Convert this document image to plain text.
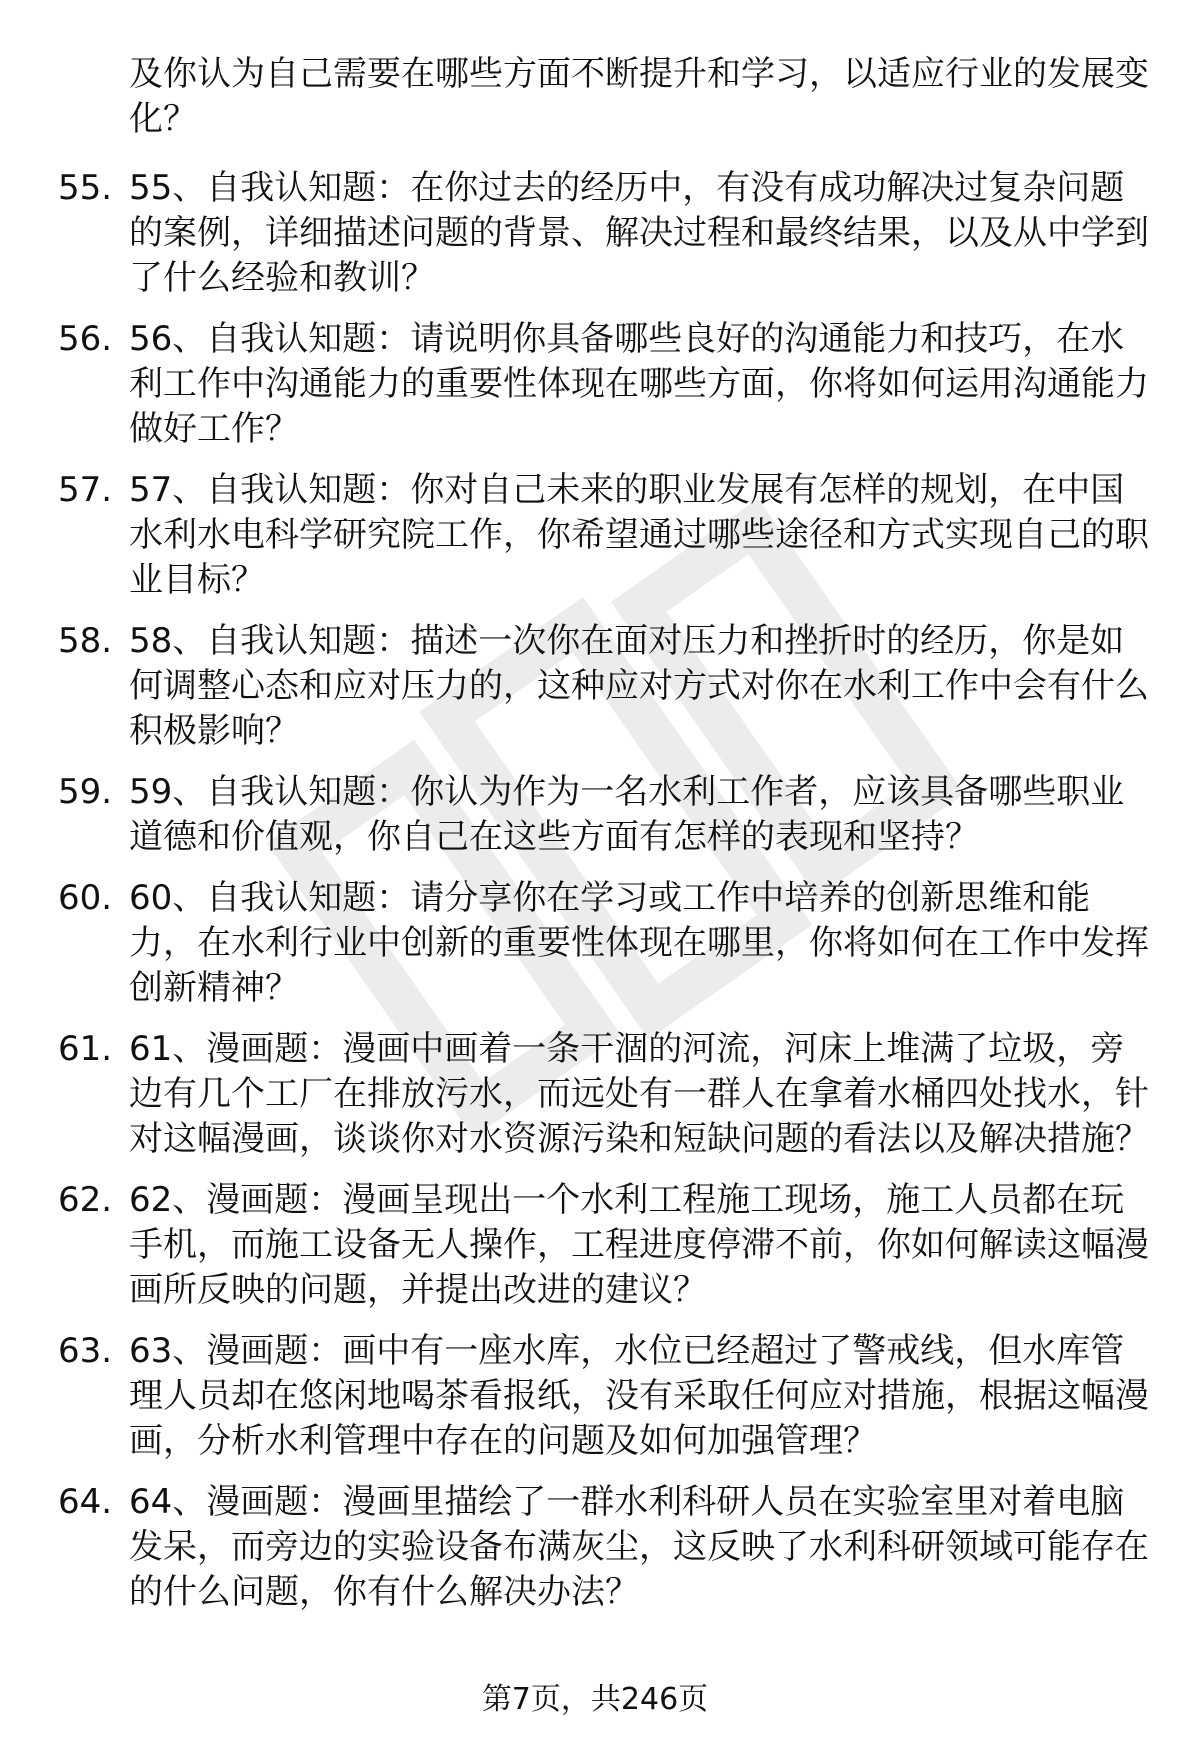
及你认为自己需要在哪些方面不断提升和学习，以适应行业的发展变化？
55. 55、自我认知题：在你过去的经历中，有没有成功解决过复杂问题的案例，详细描述问题的背景、解决过程和最终结果，以及从中学到了什么经验和教训？
56. 56、自我认知题：请说明你具备哪些良好的沟通能力和技巧，在水利工作中沟通能力的重要性体现在哪些方面，你将如何运用沟通能力做好工作？
57. 57、自我认知题：你对自己未来的职业发展有怎样的规划，在中国水利水电科学研究院工作，你希望通过哪些途径和方式实现自己的职业目标？
58. 58、自我认知题：描述一次你在面对压力和挫折时的经历，你是如何调整心态和应对压力的，这种应对方式对你在水利工作中会有什么积极影响？
59. 59、自我认知题：你认为作为一名水利工作者，应该具备哪些职业道德和价值观，你自己在这些方面有怎样的表现和坚持？
60. 60、自我认知题：请分享你在学习或工作中培养的创新思维和能力，在水利行业中创新的重要性体现在哪里，你将如何在工作中发挥创新精神？
61. 61、漫画题：漫画中画着一条干涸的河流，河床上堆满了垃圾，旁边有几个工厂在排放污水，而远处有一群人在拿着水桶四处找水，针对这幅漫画，谈谈你对水资源污染和短缺问题的看法以及解决措施？
62. 62、漫画题：漫画呈现出一个水利工程施工现场，施工人员都在玩手机，而施工设备无人操作，工程进度停滞不前，你如何解读这幅漫画所反映的问题，并提出改进的建议？
63. 63、漫画题：画中有一座水库，水位已经超过了警戒线，但水库管理人员却在悠闲地喝茶看报纸，没有采取任何应对措施，根据这幅漫画，分析水利管理中存在的问题及如何加强管理？
64. 64、漫画题：漫画里描绘了一群水利科研人员在实验室里对着电脑发呆，而旁边的实验设备布满灰尘，这反映了水利科研领域可能存在的什么问题，你有什么解决办法？
第7页，共246页
